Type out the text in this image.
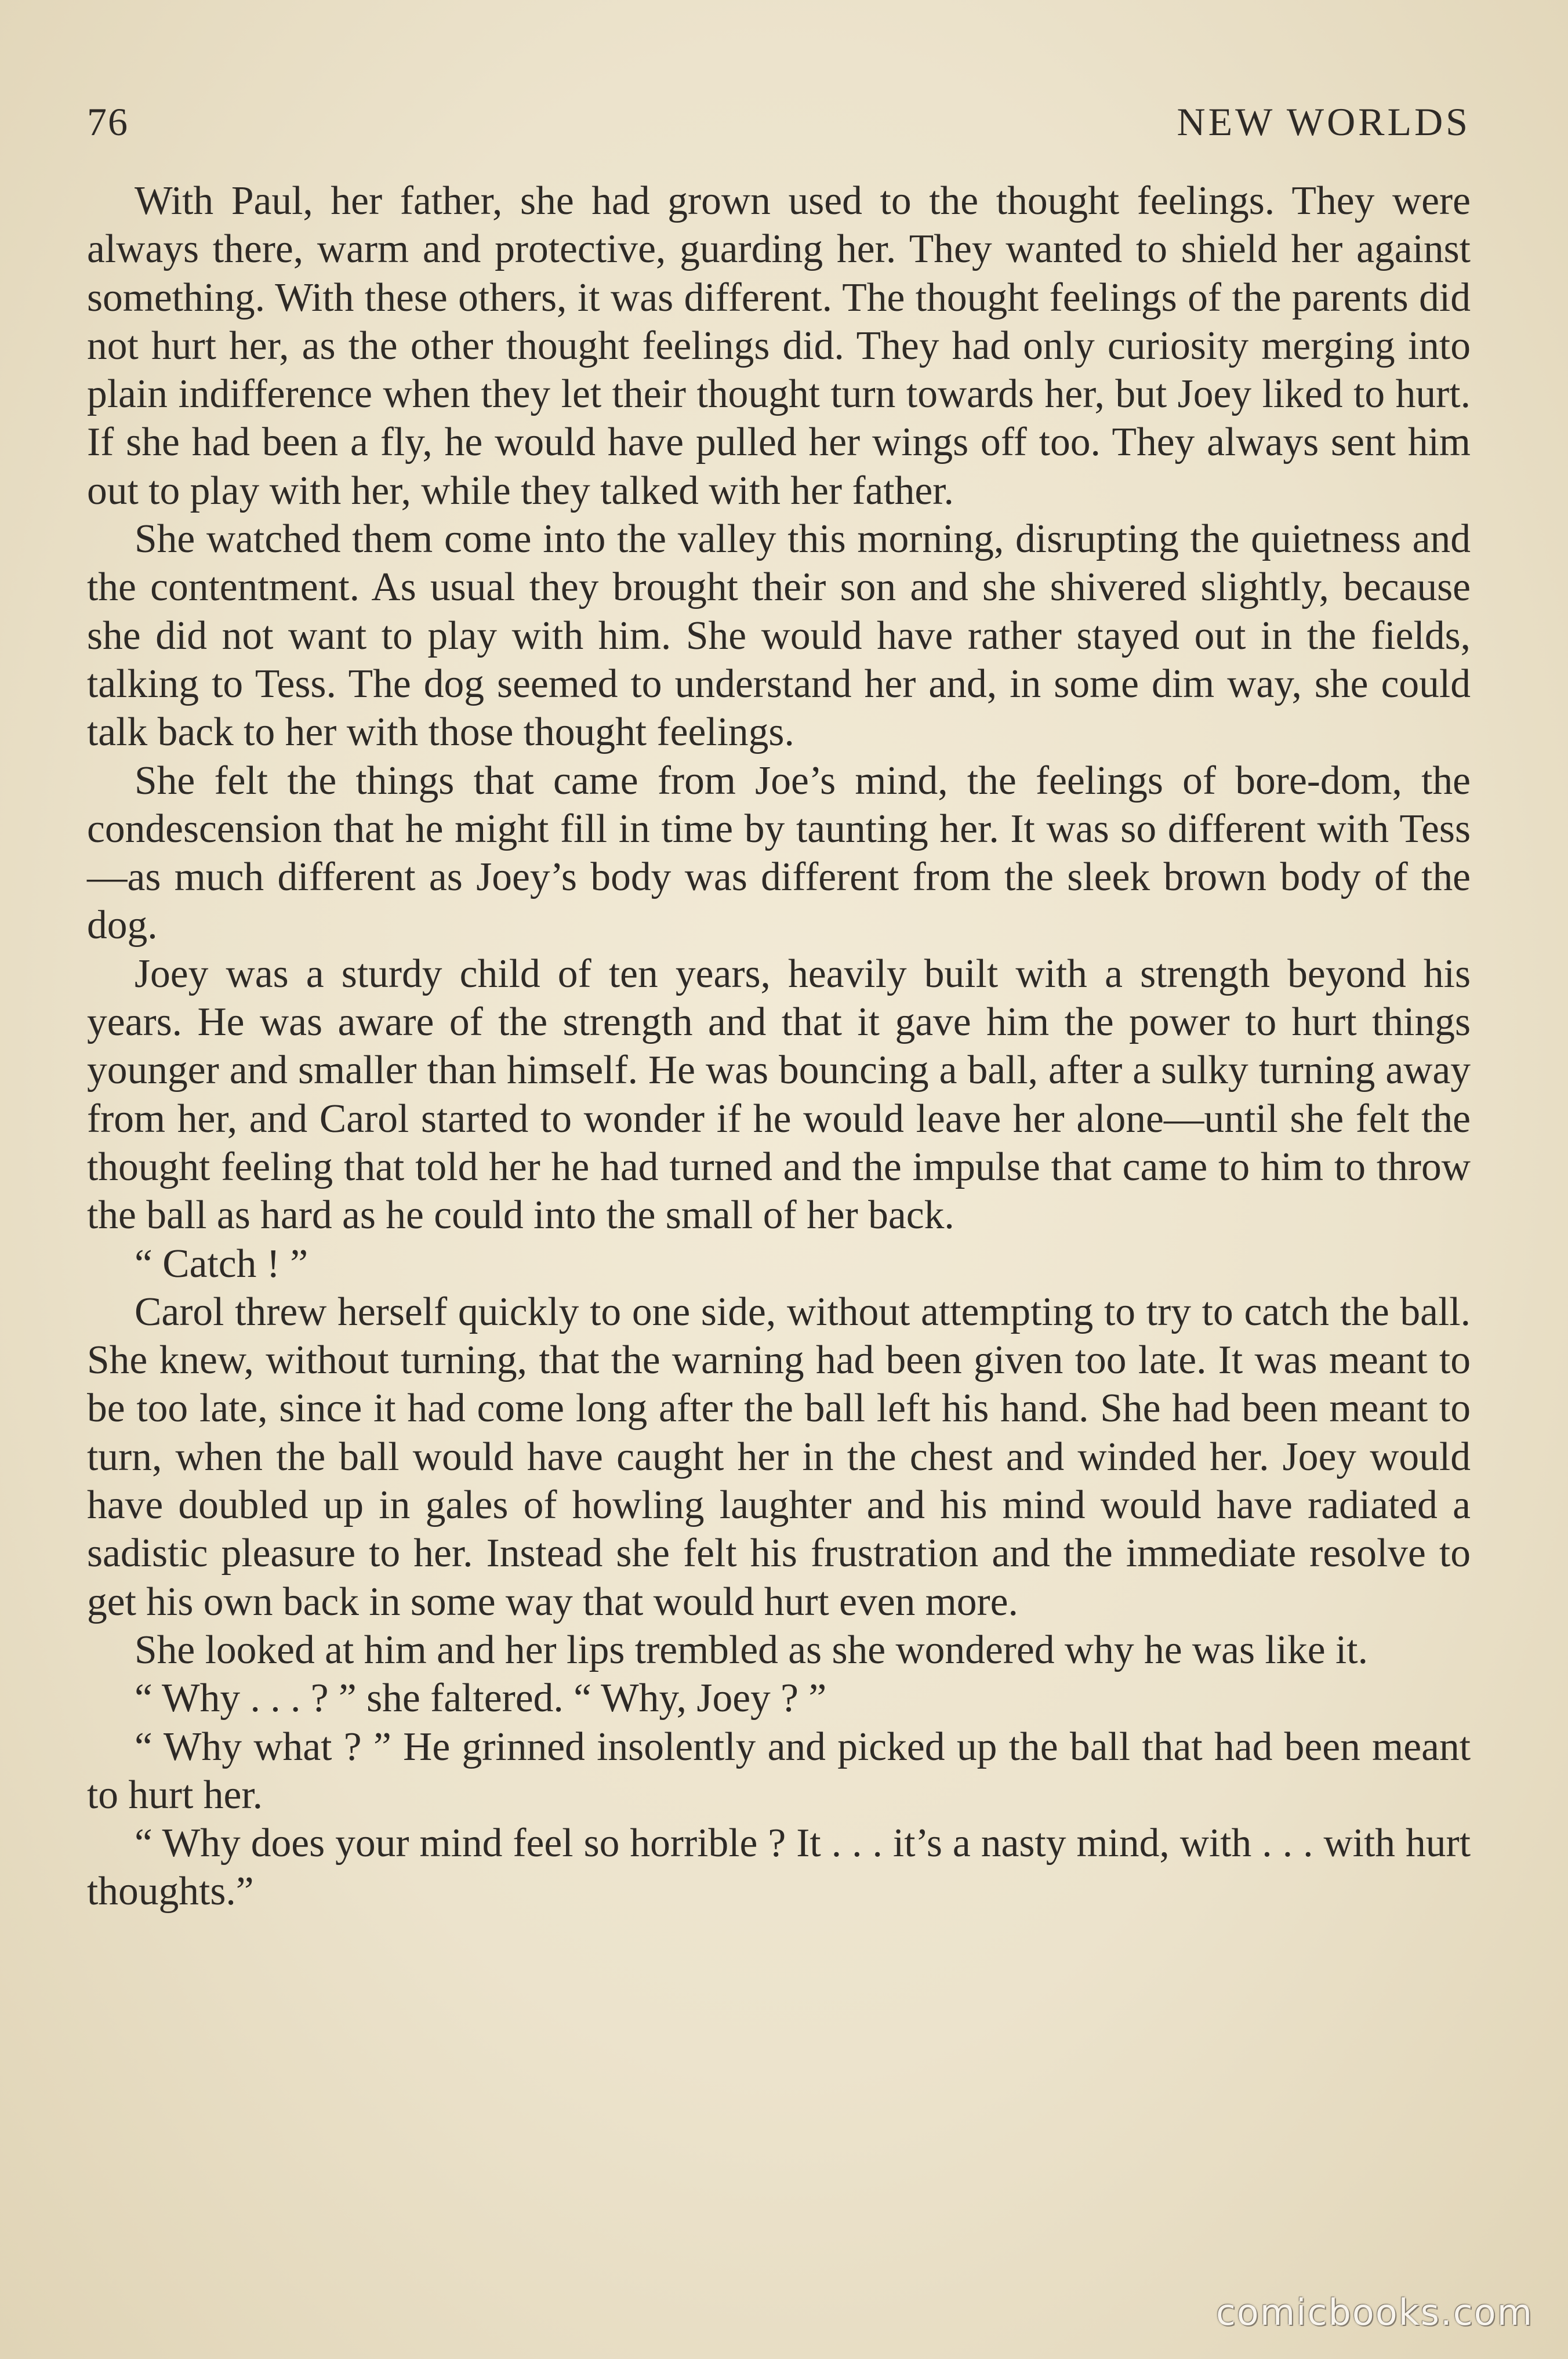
76	NEW WORLDS

With Paul, her father, she had grown used to the thought feelings. They were always there, warm and protective, guarding her. They wanted to shield her against something. With these others, it was different. The thought feelings of the parents did not hurt her, as the other thought feelings did. They had only curiosity merging into plain indifference when they let their thought turn towards her, but Joey liked to hurt. If she had been a fly, he would have pulled her wings off too. They always sent him out to play with her, while they talked with her father.

She watched them come into the valley this morning, disrupting the quietness and the contentment. As usual they brought their son and she shivered slightly, because she did not want to play with him. She would have rather stayed out in the fields, talking to Tess. The dog seemed to understand her and, in some dim way, she could talk back to her with those thought feelings.

She felt the things that came from Joe’s mind, the feelings of bore-dom, the condescension that he might fill in time by taunting her. It was so different with Tess—as much different as Joey’s body was different from the sleek brown body of the dog.

Joey was a sturdy child of ten years, heavily built with a strength beyond his years. He was aware of the strength and that it gave him the power to hurt things younger and smaller than himself. He was bouncing a ball, after a sulky turning away from her, and Carol started to wonder if he would leave her alone—until she felt the thought feeling that told her he had turned and the impulse that came to him to throw the ball as hard as he could into the small of her back.

“ Catch ! ”

Carol threw herself quickly to one side, without attempting to try to catch the ball. She knew, without turning, that the warning had been given too late. It was meant to be too late, since it had come long after the ball left his hand. She had been meant to turn, when the ball would have caught her in the chest and winded her. Joey would have doubled up in gales of howling laughter and his mind would have radiated a sadistic pleasure to her. Instead she felt his frustration and the immediate resolve to get his own back in some way that would hurt even more.

She looked at him and her lips trembled as she wondered why he was like it.

“ Why . . . ? ” she faltered. “ Why, Joey ? ”

“ Why what ? ” He grinned insolently and picked up the ball that had been meant to hurt her.

“ Why does your mind feel so horrible ? It . . . it’s a nasty mind, with . . . with hurt thoughts.”

comicbooks.com
